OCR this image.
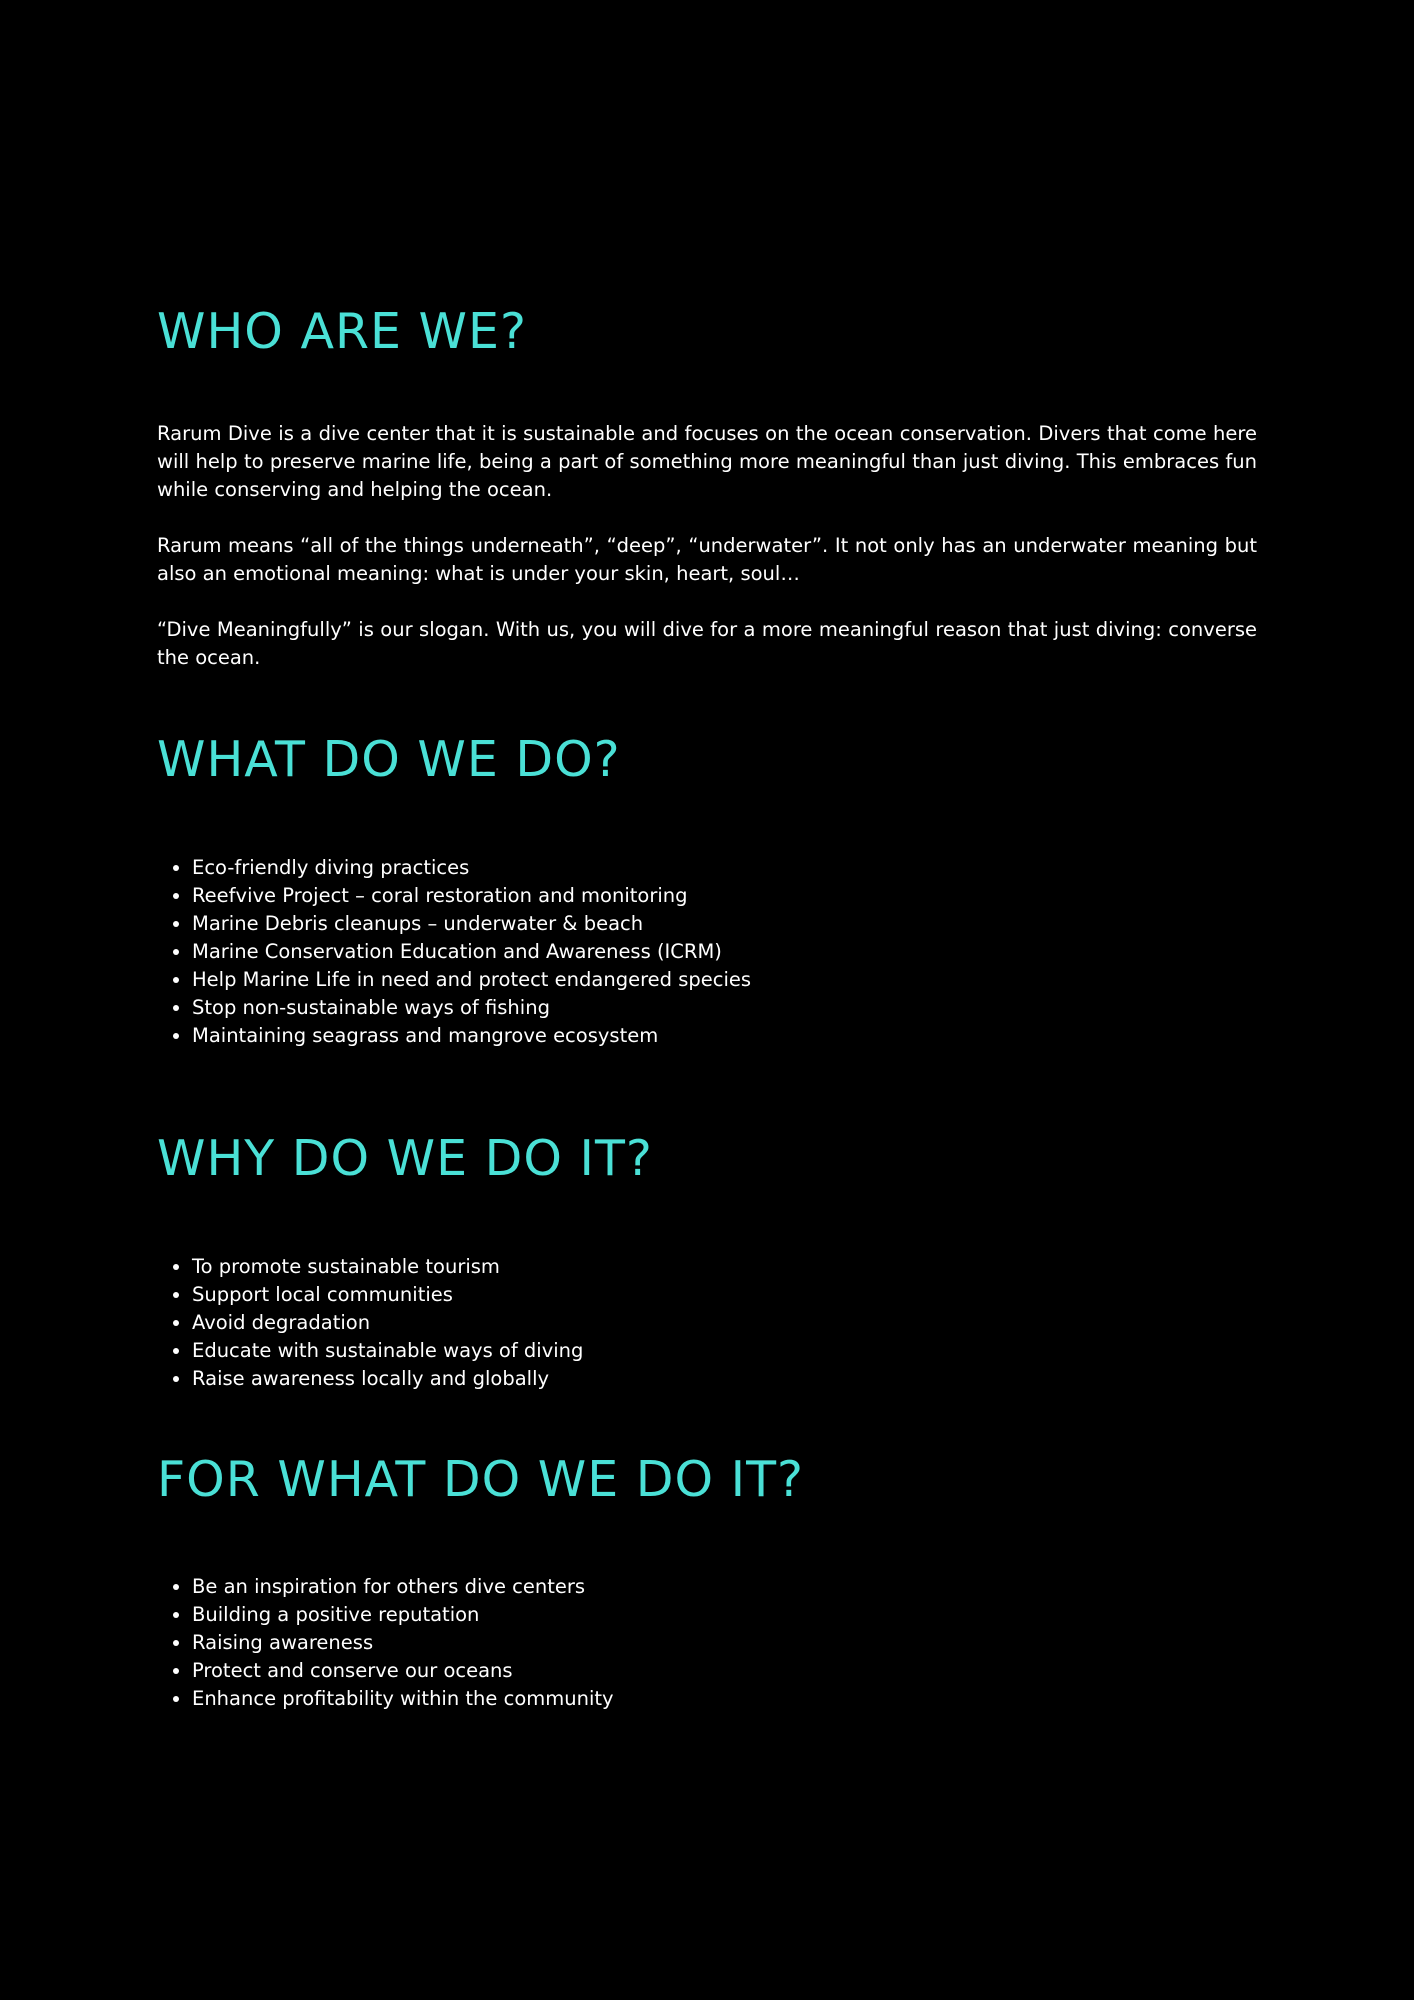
WHO ARE WE?

Rarum Dive is a dive center that it is sustainable and focuses on the ocean conservation. Divers that come here will help to preserve marine life, being a part of something more meaningful than just diving. This embraces fun while conserving and helping the ocean.

Rarum means “all of the things underneath”, “deep”, “underwater”. It not only has an underwater meaning but also an emotional meaning: what is under your skin, heart, soul…

“Dive Meaningfully” is our slogan. With us, you will dive for a more meaningful reason that just diving: converse the ocean.

WHAT DO WE DO?
• Eco-friendly diving practices
• Reefvive Project – coral restoration and monitoring
• Marine Debris cleanups – underwater & beach
• Marine Conservation Education and Awareness (ICRM)
• Help Marine Life in need and protect endangered species
• Stop non-sustainable ways of fishing
• Maintaining seagrass and mangrove ecosystem
WHY DO WE DO IT?
• To promote sustainable tourism
• Support local communities
• Avoid degradation
• Educate with sustainable ways of diving
• Raise awareness locally and globally
FOR WHAT DO WE DO IT?
• Be an inspiration for others dive centers
• Building a positive reputation
• Raising awareness
• Protect and conserve our oceans
• Enhance profitability within the community
